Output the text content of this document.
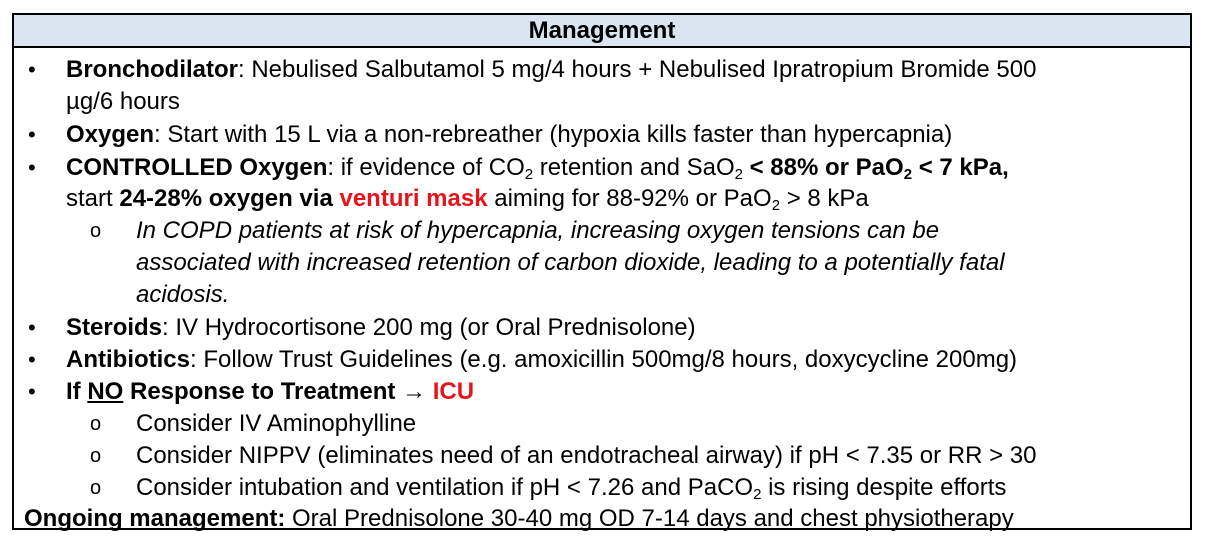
Management
• Bronchodilator: Nebulised Salbutamol 5 mg/4 hours + Nebulised Ipratropium Bromide 500
µg/6 hours
• Oxygen: Start with 15 L via a non-rebreather (hypoxia kills faster than hypercapnia)
• CONTROLLED Oxygen: if evidence of $CO_2$ retention and SaO$_2$ < 88% or PaO$_2$ < 7 kPa,
start 24-28% oxygen via venturi mask aiming for 88-92% or PaO$_2$ > 8 kPa
o In COPD patients at risk of hypercapnia, increasing oxygen tensions can be
associated with increased retention of carbon dioxide, leading to a potentially fatal
acidosis.
• Steroids: IV Hydrocortisone 200 mg (or Oral Prednisolone)
• Antibiotics: Follow Trust Guidelines (e.g. amoxicillin 500mg/8 hours, doxycycline 200mg)
• If NO Response to Treatment → ICU
o Consider IV Aminophylline
o Consider NIPPV (eliminates need of an endotracheal airway) if pH < 7.35 or RR > 30
o Consider intubation and ventilation if pH < 7.26 and PaCO$_2$ is rising despite efforts
Ongoing management: Oral Prednisolone 30-40 mg OD 7-14 days and chest physiotherapy
